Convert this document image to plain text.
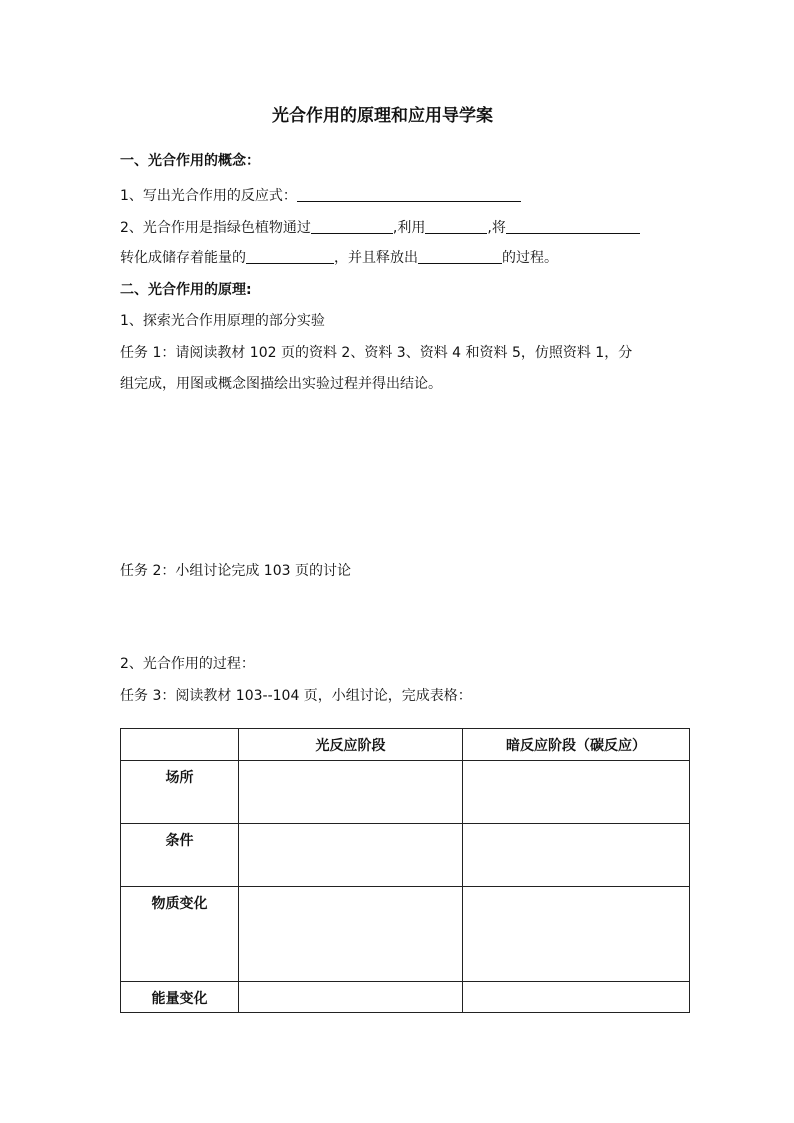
光合作用的原理和应用导学案
一、光合作用的概念：
1、写出光合作用的反应式：
2、光合作用是指绿色植物通过	,利用	,将
转化成储存着能量的	，并且释放出	的过程。
二、光合作用的原理:
1、探索光合作用原理的部分实验
任务 1：请阅读教材 102 页的资料 2、资料 3、资料 4 和资料 5，仿照资料 1，分
组完成，用图或概念图描绘出实验过程并得出结论。
任务 2：小组讨论完成 103 页的讨论
2、光合作用的过程：
任务 3：阅读教材 103--104 页，小组讨论，完成表格：
	光反应阶段	暗反应阶段（碳反应）
场所		
条件		
物质变化		
能量变化		
